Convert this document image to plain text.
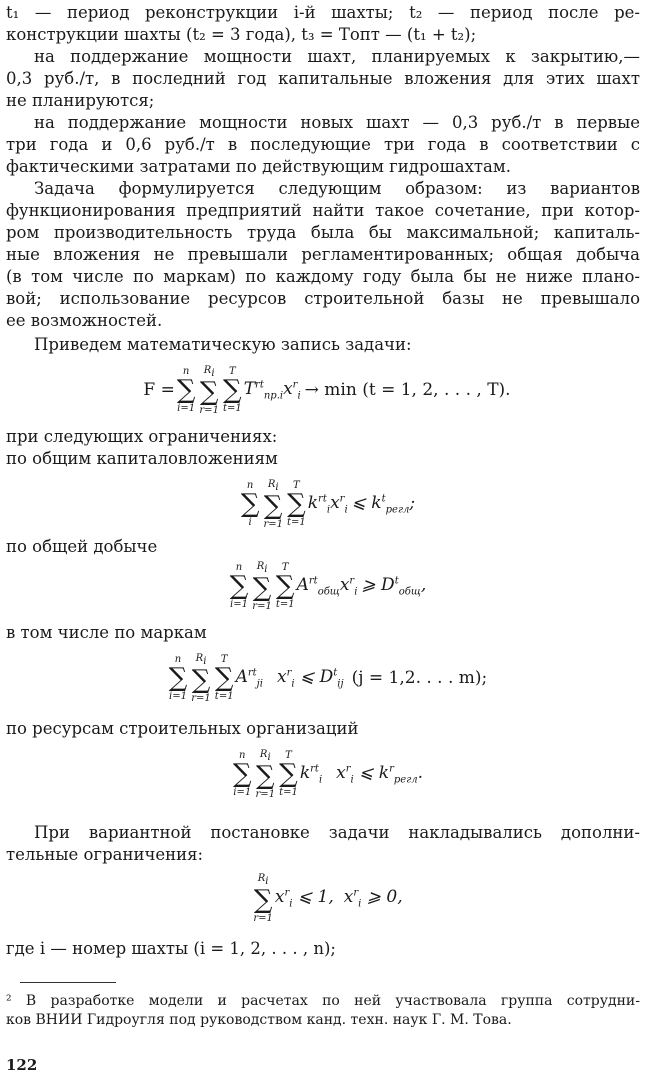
t₁ — период реконструкции i-й шахты; t₂ — период после ре-
конструкции шахты (t₂ = 3 года), t₃ = Tопт — (t₁ + t₂);
на поддержание мощности шахт, планируемых к закрытию,—
0,3 руб./т, в последний год капитальные вложения для этих шахт
не планируются;
на поддержание мощности новых шахт — 0,3 руб./т в первые
три года и 0,6 руб./т в последующие три года в соответствии с
фактическими затратами по действующим гидрошахтам.
Задача формулируется следующим образом: из вариантов
функционирования предприятий найти такое сочетание, при котор-
ром производительность труда была бы максимальной; капиталь-
ные вложения не превышали регламентированных; общая добыча
(в том числе по маркам) по каждому году была бы не ниже плано-
вой; использование ресурсов строительной базы не превышало
ее возможностей.
Приведем математическую запись задачи:
F =
n
∑
i=1
$R_i$
∑
r=1
T
∑
t=1
$T^{rt}_{пр.i}x^r_i \to \min (t = 1$, 2, . . . , T).
при следующих ограничениях:
по общим капиталовложениям
n
∑
i
$R_i$
∑
r=1
T
∑
t=1
$k^{rt}_ix^r_i$ ⩽ $k^t_{регл}$;
по общей добыче
n
∑
i=1
$R_i$
∑
r=1
T
∑
t=1
$A^{rt}_{общ}x^r_i$ ⩾ $D^t_{общ}$,
в том числе по маркам
n
∑
i=1
$R_i$
∑
r=1
T
∑
t=1
$A^{rt}_{ji}$ $x^r_i$ ⩽ $D^t_{ij}$ (j = 1,2. . . . m);
по ресурсам строительных организаций
n
∑
i=1
$R_i$
∑
r=1
T
∑
t=1
$k^{rt}_i$ $x^r_i$ ⩽ $k^r_{регл}$.
При вариантной постановке задачи накладывались дополни-
тельные ограничения:
$R_i$
∑
r=1
$x^r_i$ ⩽ 1, $x^r_i$ ⩾ 0,
где i — номер шахты (i = 1, 2, . . . , n);
² В разработке модели и расчетах по ней участвовала группа сотрудни-
ков ВНИИ Гидроугля под руководством канд. техн. наук Г. М. Това.
122
